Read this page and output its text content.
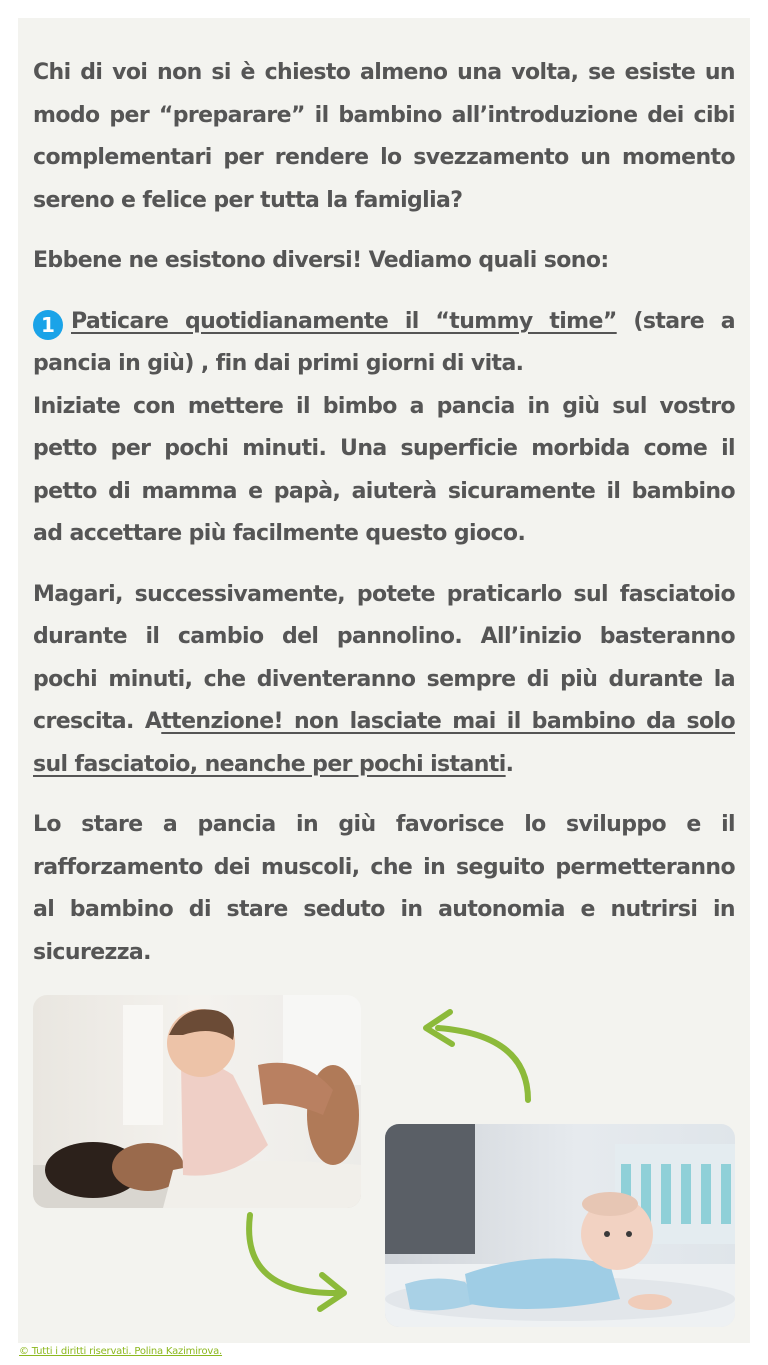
Chi di voi non si è chiesto almeno una volta, se esiste un modo per “preparare” il bambino all’introduzione dei cibi complementari per rendere lo svezzamento un momento sereno e felice per tutta la famiglia?

Ebbene ne esistono diversi! Vediamo quali sono:

1 Paticare quotidianamente il “tummy time” (stare a pancia in giù) , fin dai primi giorni di vita.

Iniziate con mettere il bimbo a pancia in giù sul vostro petto per pochi minuti. Una superficie morbida come il petto di mamma e papà, aiuterà sicuramente il bambino ad accettare più facilmente questo gioco.

Magari, successivamente, potete praticarlo sul fasciatoio durante il cambio del pannolino. All’inizio basteranno pochi minuti, che diventeranno sempre di più durante la crescita. Attenzione! non lasciate mai il bambino da solo sul fasciatoio, neanche per pochi istanti.

Lo stare a pancia in giù favorisce lo sviluppo e il rafforzamento dei muscoli, che in seguito permetteranno al bambino di stare seduto in autonomia e nutrirsi in sicurezza.

© Tutti i diritti riservati. Polina Kazimirova.
